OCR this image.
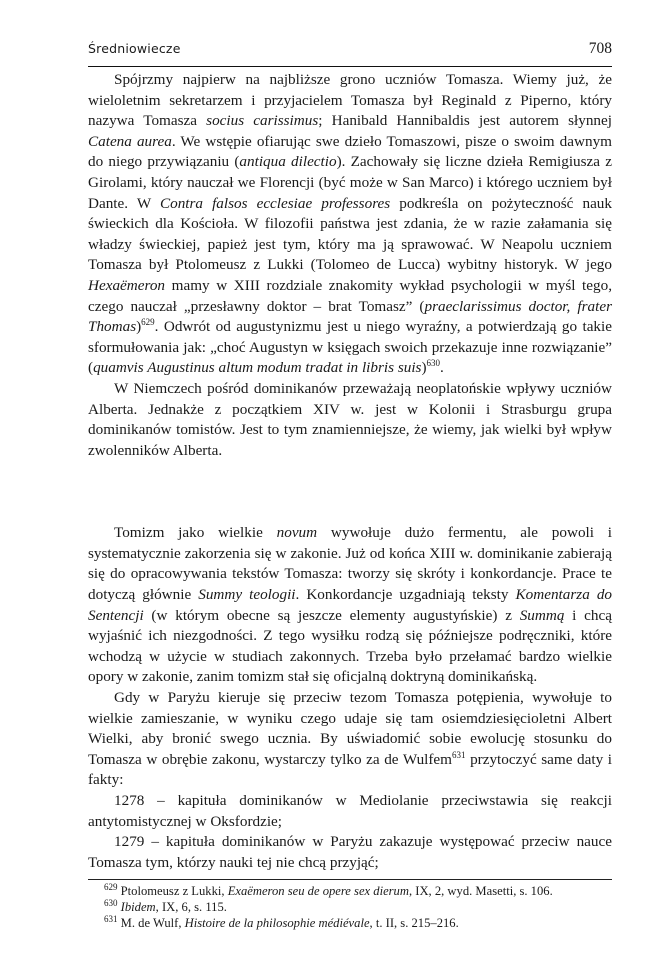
Średniowiecze	708

Spójrzmy najpierw na najbliższe grono uczniów Tomasza. Wiemy już, że wieloletnim sekretarzem i przyjacielem Tomasza był Reginald z Piperno, który nazywa Tomasza socius carissimus; Hanibald Hannibaldis jest autorem słynnej Catena aurea. We wstępie ofiarując swe dzieło Tomaszowi, pisze o swoim dawnym do niego przywiązaniu (antiqua dilectio). Zachowały się liczne dzieła Remigiusza z Girolami, który nauczał we Florencji (być może w San Marco) i którego uczniem był Dante. W Contra falsos ecclesiae professores podkreśla on pożyteczność nauk świeckich dla Kościoła. W filozofii państwa jest zdania, że w razie załamania się władzy świeckiej, papież jest tym, który ma ją sprawować. W Neapolu uczniem Tomasza był Ptolomeusz z Lukki (Tolomeo de Lucca) wybitny historyk. W jego Hexaëmeron mamy w XIII rozdziale znakomity wykład psychologii w myśl tego, czego nauczał „przesławny doktor – brat Tomasz” (praeclarissimus doctor, frater Thomas)$^{629}$. Odwrót od augustynizmu jest u niego wyraźny, a potwierdzają go takie sformułowania jak: „choć Augustyn w księgach swoich przekazuje inne rozwiązanie” (quamvis Augustinus altum modum tradat in libris suis)$^{630}$.

W Niemczech pośród dominikanów przeważają neoplatońskie wpływy uczniów Alberta. Jednakże z początkiem XIV w. jest w Kolonii i Strasburgu grupa dominikanów tomistów. Jest to tym znamienniejsze, że wiemy, jak wielki był wpływ zwolenników Alberta.

Tomizm jako wielkie novum wywołuje dużo fermentu, ale powoli i systematycznie zakorzenia się w zakonie. Już od końca XIII w. dominikanie zabierają się do opracowywania tekstów Tomasza: tworzy się skróty i konkordancje. Prace te dotyczą głównie Summy teologii. Konkordancje uzgadniają teksty Komentarza do Sentencji (w którym obecne są jeszcze elementy augustyńskie) z Summą i chcą wyjaśnić ich niezgodności. Z tego wysiłku rodzą się późniejsze podręczniki, które wchodzą w użycie w studiach zakonnych. Trzeba było przełamać bardzo wielkie opory w zakonie, zanim tomizm stał się oficjalną doktryną dominikańską.

Gdy w Paryżu kieruje się przeciw tezom Tomasza potępienia, wywołuje to wielkie zamieszanie, w wyniku czego udaje się tam osiemdziesięcioletni Albert Wielki, aby bronić swego ucznia. By uświadomić sobie ewolucję stosunku do Tomasza w obrębie zakonu, wystarczy tylko za de Wulfem$^{631}$ przytoczyć same daty i fakty:

1278 – kapituła dominikanów w Mediolanie przeciwstawia się reakcji antytomistycznej w Oksfordzie;

1279 – kapituła dominikanów w Paryżu zakazuje występować przeciw nauce Tomasza tym, którzy nauki tej nie chcą przyjąć;

$^{629}$ Ptolomeusz z Lukki, Exaëmeron seu de opere sex dierum, IX, 2, wyd. Masetti, s. 106.

$^{630}$ Ibidem, IX, 6, s. 115.

$^{631}$ M. de Wulf, Histoire de la philosophie médiévale, t. II, s. 215–216.
